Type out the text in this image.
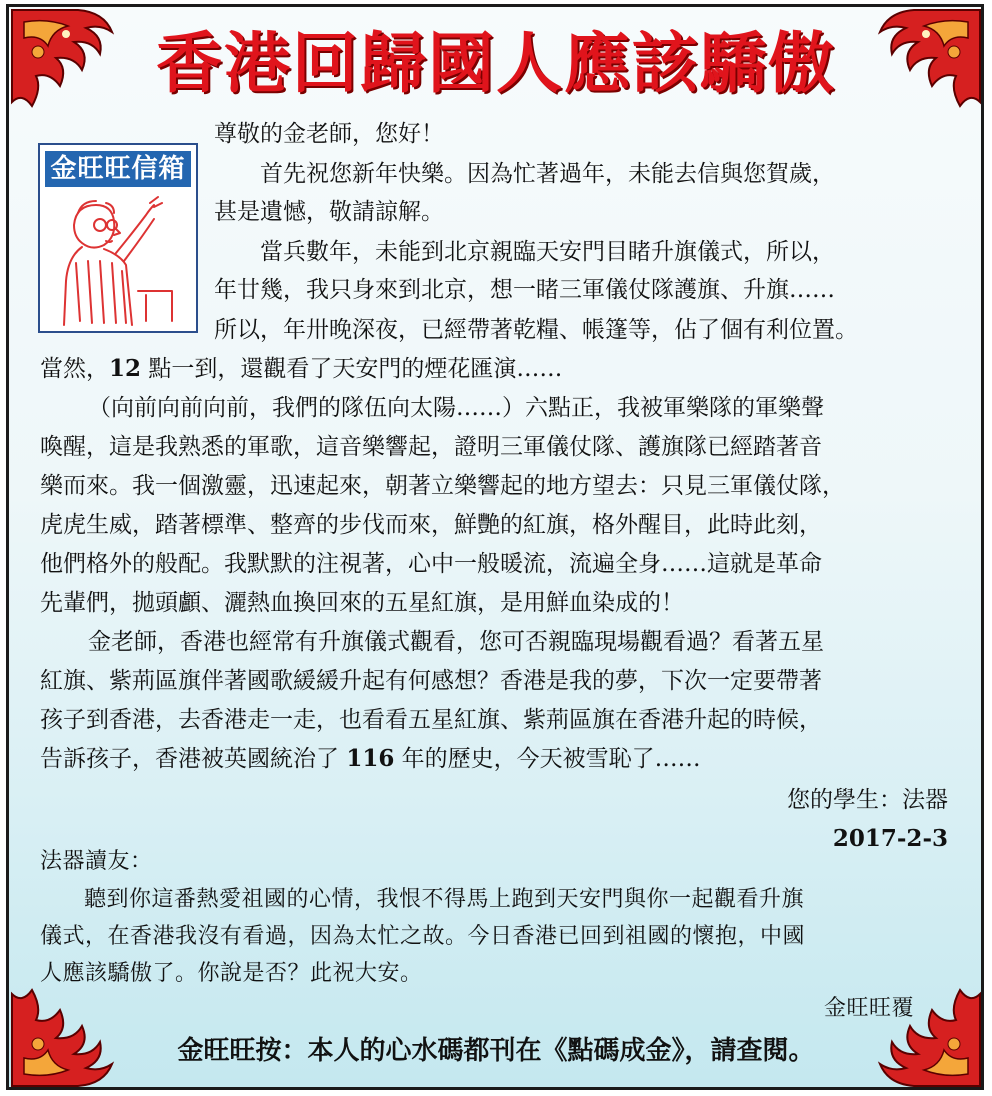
香港回歸國人應該驕傲
金旺旺信箱
尊敬的金老師，您好！
首先祝您新年快樂。因為忙著過年，未能去信與您賀歲，
甚是遺憾，敬請諒解。
當兵數年，未能到北京親臨天安門目睹升旗儀式，所以，
年廿幾，我只身來到北京，想一睹三軍儀仗隊護旗、升旗……
所以，年卅晚深夜，已經帶著乾糧、帳篷等，佔了個有利位置。
當然，12 點一到，還觀看了天安門的煙花匯演……
（向前向前向前，我們的隊伍向太陽……）六點正，我被軍樂隊的軍樂聲
喚醒，這是我熟悉的軍歌，這音樂響起，證明三軍儀仗隊、護旗隊已經踏著音
樂而來。我一個激靈，迅速起來，朝著立樂響起的地方望去：只見三軍儀仗隊，
虎虎生威，踏著標準、整齊的步伐而來，鮮艷的紅旗，格外醒目，此時此刻，
他們格外的般配。我默默的注視著，心中一般暖流，流遍全身……這就是革命
先輩們，拋頭顱、灑熱血換回來的五星紅旗，是用鮮血染成的！
金老師，香港也經常有升旗儀式觀看，您可否親臨現場觀看過？看著五星
紅旗、紫荊區旗伴著國歌緩緩升起有何感想？香港是我的夢，下次一定要帶著
孩子到香港，去香港走一走，也看看五星紅旗、紫荊區旗在香港升起的時候，
告訴孩子，香港被英國統治了 116 年的歷史，今天被雪恥了……
您的學生：法器
2017-2-3
法器讀友：
聽到你這番熱愛祖國的心情，我恨不得馬上跑到天安門與你一起觀看升旗
儀式，在香港我沒有看過，因為太忙之故。今日香港已回到祖國的懷抱，中國
人應該驕傲了。你說是否？此祝大安。
金旺旺覆
金旺旺按：本人的心水碼都刊在《點碼成金》，請查閱。
